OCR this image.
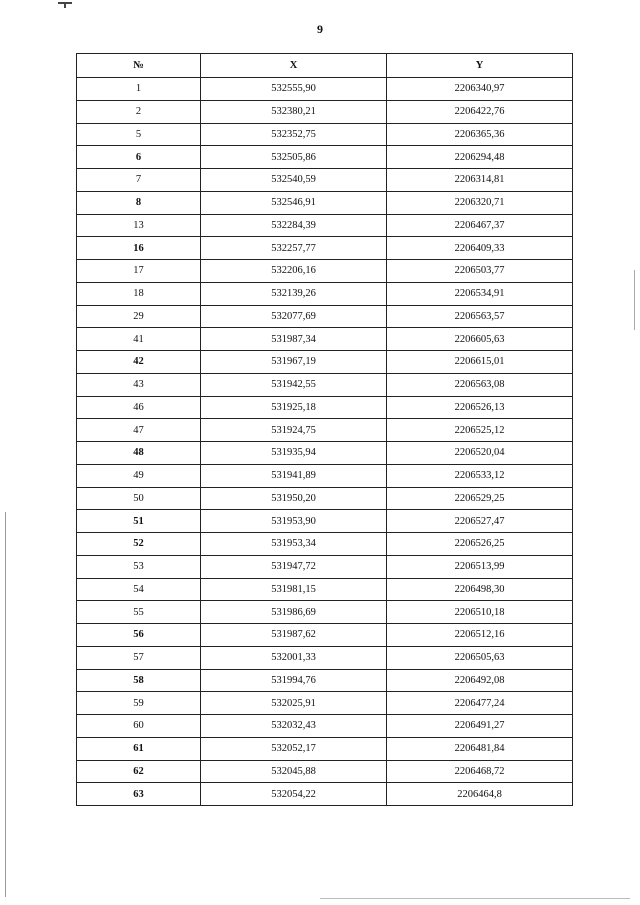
9
№	X	Y
1	532555,90	2206340,97
2	532380,21	2206422,76
5	532352,75	2206365,36
6	532505,86	2206294,48
7	532540,59	2206314,81
8	532546,91	2206320,71
13	532284,39	2206467,37
16	532257,77	2206409,33
17	532206,16	2206503,77
18	532139,26	2206534,91
29	532077,69	2206563,57
41	531987,34	2206605,63
42	531967,19	2206615,01
43	531942,55	2206563,08
46	531925,18	2206526,13
47	531924,75	2206525,12
48	531935,94	2206520,04
49	531941,89	2206533,12
50	531950,20	2206529,25
51	531953,90	2206527,47
52	531953,34	2206526,25
53	531947,72	2206513,99
54	531981,15	2206498,30
55	531986,69	2206510,18
56	531987,62	2206512,16
57	532001,33	2206505,63
58	531994,76	2206492,08
59	532025,91	2206477,24
60	532032,43	2206491,27
61	532052,17	2206481,84
62	532045,88	2206468,72
63	532054,22	2206464,8
